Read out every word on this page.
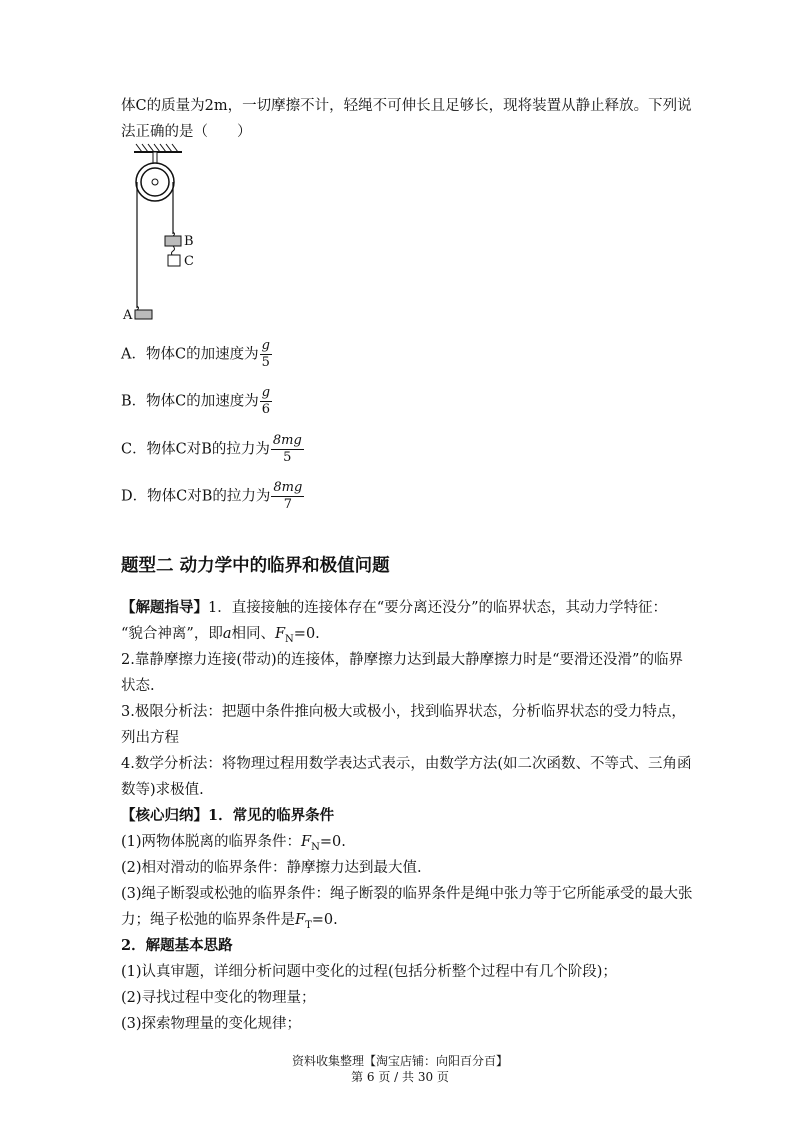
体C的质量为2m，一切摩擦不计，轻绳不可伸长且足够长，现将装置从静止释放。下列说
法正确的是（　　）
B
C
A
A．物体C的加速度为 $\frac{g}{5}$
B．物体C的加速度为 $\frac{g}{6}$
C．物体C对B的拉力为 $\frac{8mg}{5}$
D．物体C对B的拉力为 $\frac{8mg}{7}$
题型二 动力学中的临界和极值问题
【解题指导】1．直接接触的连接体存在“要分离还没分”的临界状态，其动力学特征：
“貌合神离”，即a相同、$F_N=0$.
2.靠静摩擦力连接(带动)的连接体，静摩擦力达到最大静摩擦力时是“要滑还没滑”的临界
状态.
3.极限分析法：把题中条件推向极大或极小，找到临界状态，分析临界状态的受力特点，
列出方程
4.数学分析法：将物理过程用数学表达式表示，由数学方法(如二次函数、不等式、三角函
数等)求极值.
【核心归纳】1．常见的临界条件
(1)两物体脱离的临界条件：$F_N=0$.
(2)相对滑动的临界条件：静摩擦力达到最大值.
(3)绳子断裂或松弛的临界条件：绳子断裂的临界条件是绳中张力等于它所能承受的最大张
力；绳子松弛的临界条件是$F_T=0$.
2．解题基本思路
(1)认真审题，详细分析问题中变化的过程(包括分析整个过程中有几个阶段)；
(2)寻找过程中变化的物理量；
(3)探索物理量的变化规律；
资料收集整理【淘宝店铺：向阳百分百】
第 6 页 / 共 30 页
